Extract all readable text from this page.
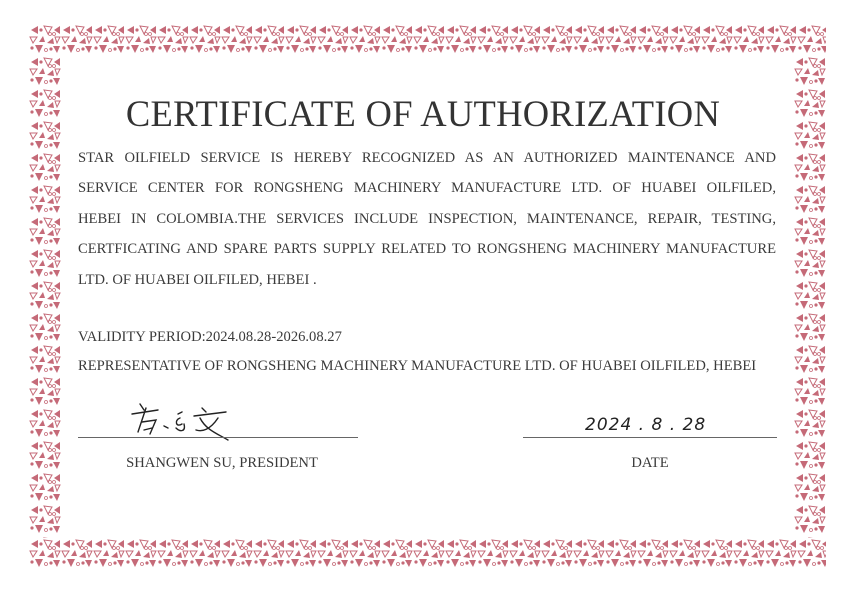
CERTIFICATE OF AUTHORIZATION
STAR OILFIELD SERVICE IS HEREBY RECOGNIZED AS AN AUTHORIZED MAINTENANCE AND
SERVICE CENTER FOR RONGSHENG MACHINERY MANUFACTURE LTD. OF HUABEI OILFILED,
HEBEI IN COLOMBIA.THE SERVICES INCLUDE INSPECTION, MAINTENANCE, REPAIR, TESTING,
CERTFICATING AND SPARE PARTS SUPPLY RELATED TO RONGSHENG MACHINERY MANUFACTURE
LTD. OF HUABEI OILFILED, HEBEI .
VALIDITY PERIOD:2024.08.28-2026.08.27
REPRESENTATIVE OF RONGSHENG MACHINERY MANUFACTURE LTD. OF HUABEI OILFILED, HEBEI
SHANGWEN SU, PRESIDENT
2024 . 8 . 28
DATE
